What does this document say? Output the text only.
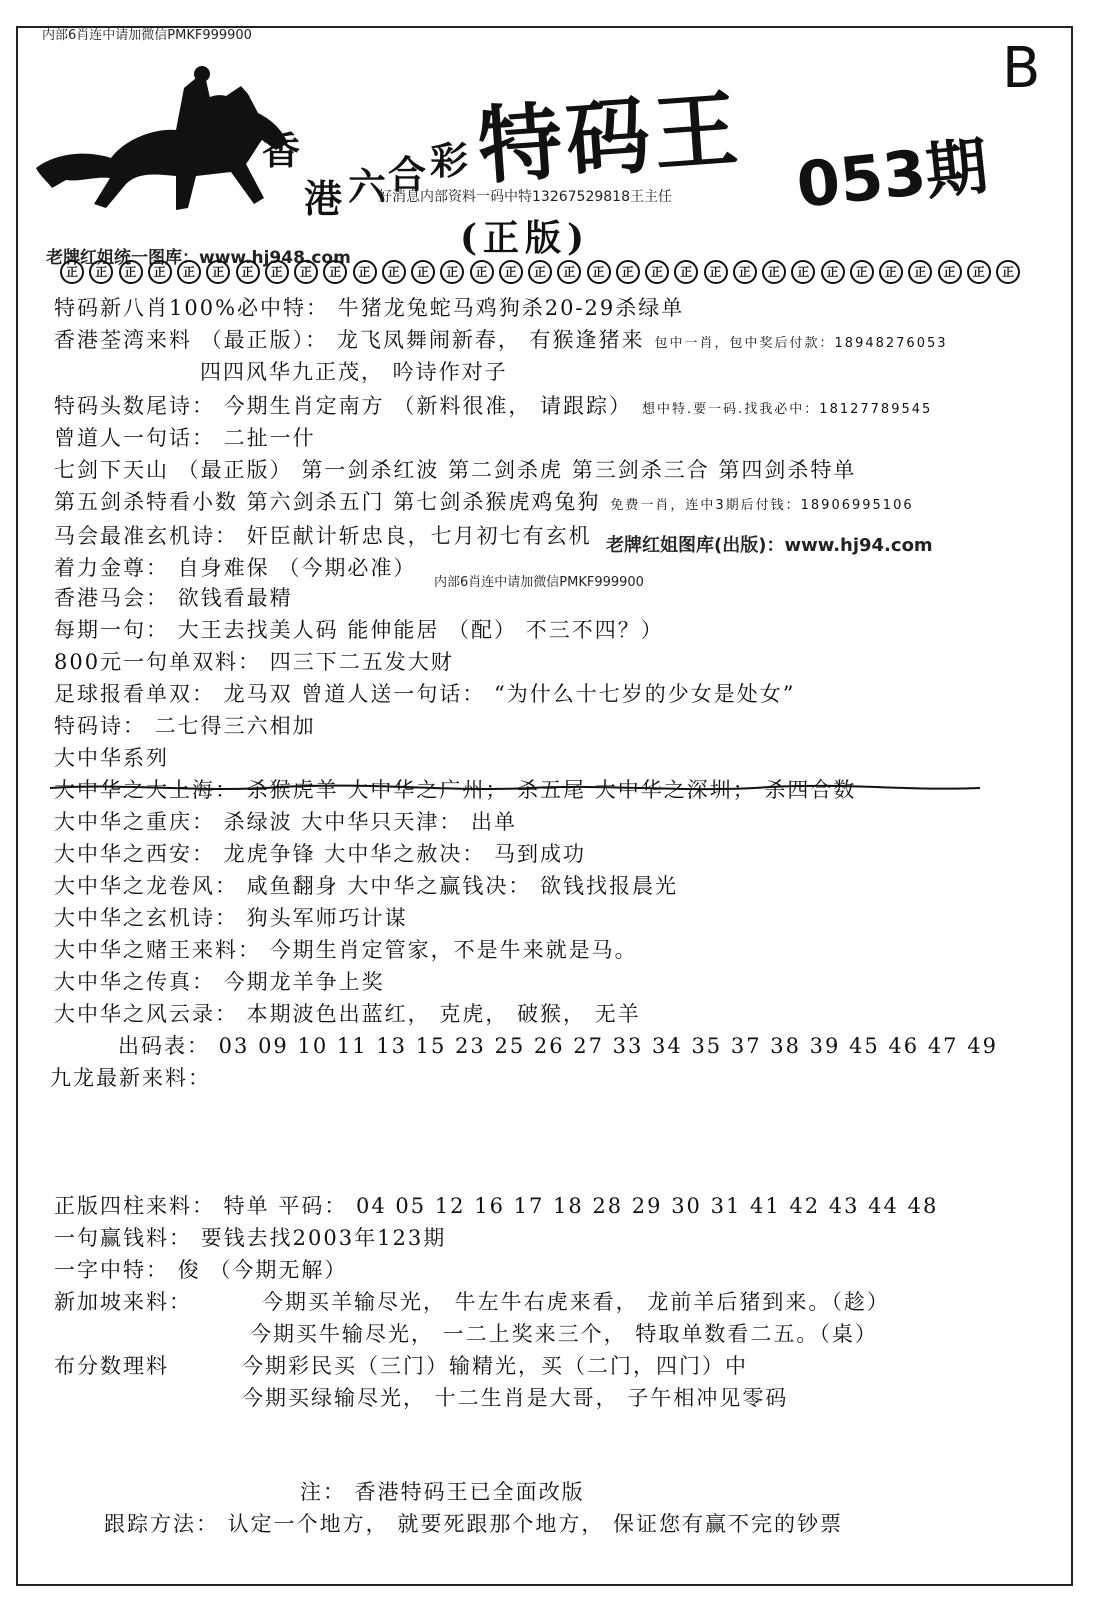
内部6肖连中请加微信PMKF999900
香
港 六 合 彩 特码王 053期
B
好消息内部资料一码中特13267529818王主任
(正版)
老牌红姐统一图库：www.hj948.com
正	正	正	正	正	正	正	正	正	正	正	正	正	正	正	正	正	正	正	正	正	正	正	正	正	正	正	正	正	正	正	正	正
特码新八肖100%必中特： 牛猪龙兔蛇马鸡狗杀20-29杀绿单
香港荃湾来料 （最正版）： 龙飞凤舞闹新春， 有猴逢猪来 包中一肖，包中奖后付款：18948276053
四四风华九正茂， 吟诗作对子
特码头数尾诗： 今期生肖定南方 （新料很准， 请跟踪） 想中特.要一码.找我必中：18127789545
曾道人一句话： 二扯一什
七剑下天山 （最正版） 第一剑杀红波 第二剑杀虎 第三剑杀三合 第四剑杀特单
第五剑杀特看小数 第六剑杀五门 第七剑杀猴虎鸡兔狗 免费一肖，连中3期后付钱：18906995106
马会最准玄机诗： 奸臣献计斩忠良，七月初七有玄机 老牌红姐图库(出版)：www.hj94.com
着力金尊： 自身难保 （今期必准）
内部6肖连中请加微信PMKF999900
香港马会： 欲钱看最精
每期一句： 大王去找美人码 能伸能居 （配） 不三不四？）
800元一句单双料： 四三下二五发大财
足球报看单双： 龙马双 曾道人送一句话： “为什么十七岁的少女是处女”
特码诗： 二七得三六相加
大中华系列
大中华之大上海： 杀猴虎羊 大中华之广州； 杀五尾 大中华之深圳； 杀四合数
大中华之重庆： 杀绿波 大中华只天津： 出单
大中华之西安： 龙虎争锋 大中华之赦决： 马到成功
大中华之龙卷风： 咸鱼翻身 大中华之赢钱决： 欲钱找报晨光
大中华之玄机诗： 狗头军师巧计谋
大中华之赌王来料： 今期生肖定管家，不是牛来就是马。
大中华之传真： 今期龙羊争上奖
大中华之风云录： 本期波色出蓝红， 克虎， 破猴， 无羊
出码表： 03 09 10 11 13 15 23 25 26 27 33 34 35 37 38 39 45 46 47 49
九龙最新来料：
正版四柱来料： 特单 平码： 04 05 12 16 17 18 28 29 30 31 41 42 43 44 48
一句赢钱料： 要钱去找2003年123期
一字中特： 俊 （今期无解）
新加坡来料：	今期买羊输尽光， 牛左牛右虎来看， 龙前羊后猪到来。（趁）
今期买牛输尽光， 一二上奖来三个， 特取单数看二五。（桌）
布分数理料	今期彩民买（三门）输精光，买（二门，四门）中
今期买绿输尽光， 十二生肖是大哥， 子午相冲见零码
注： 香港特码王已全面改版
跟踪方法： 认定一个地方， 就要死跟那个地方， 保证您有赢不完的钞票
